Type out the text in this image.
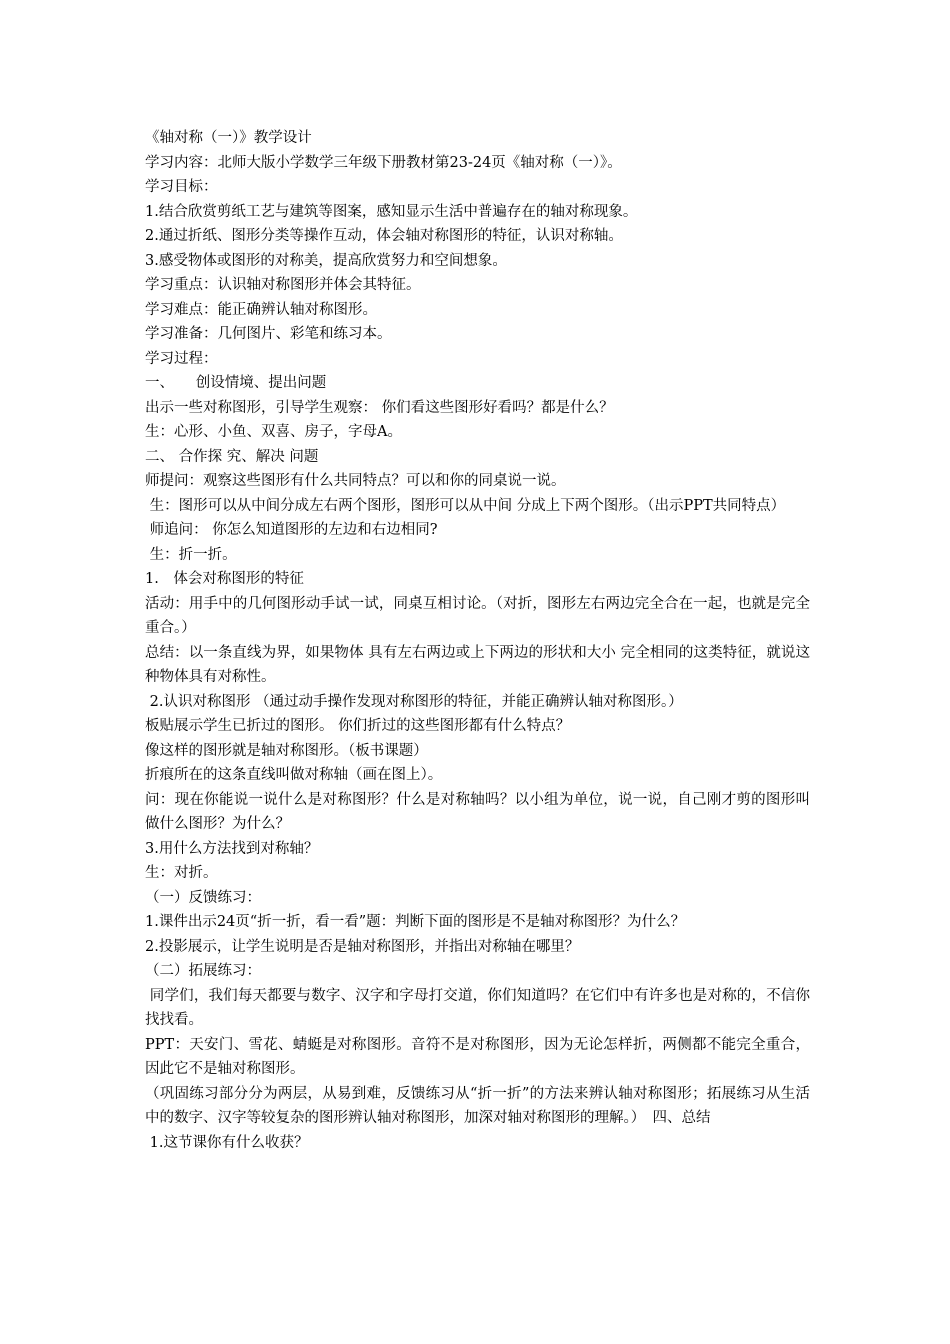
《轴对称（一）》教学设计
学习内容：北师大版小学数学三年级下册教材第23-24页《轴对称（一）》。
学习目标：
1.结合欣赏剪纸工艺与建筑等图案，感知显示生活中普遍存在的轴对称现象。
2.通过折纸、图形分类等操作互动，体会轴对称图形的特征，认识对称轴。
3.感受物体或图形的对称美，提高欣赏努力和空间想象。
学习重点：认识轴对称图形并体会其特征。
学习难点：能正确辨认轴对称图形。
学习准备：几何图片、彩笔和练习本。
学习过程：
一、　　创设情境、提出问题
出示一些对称图形，引导学生观察： 你们看这些图形好看吗？都是什么？
生：心形、小鱼、双喜、房子，字母A。
二、 合作探 究、解决 问题
师提问：观察这些图形有什么共同特点？可以和你的同桌说一说。
生：图形可以从中间分成左右两个图形，图形可以从中间 分成上下两个图形。（出示PPT共同特点）
师追问： 你怎么知道图形的左边和右边相同?
生：折一折。
1.　体会对称图形的特征
活动：用手中的几何图形动手试一试，同桌互相讨论。（对折，图形左右两边完全合在一起，也就是完全重合。）
总结：以一条直线为界，如果物体 具有左右两边或上下两边的形状和大小 完全相同的这类特征，就说这种物体具有对称性。
2.认识对称图形 （通过动手操作发现对称图形的特征，并能正确辨认轴对称图形。）
板贴展示学生已折过的图形。 你们折过的这些图形都有什么特点？
像这样的图形就是轴对称图形。（板书课题）
折痕所在的这条直线叫做对称轴（画在图上）。
问：现在你能说一说什么是对称图形？什么是对称轴吗？以小组为单位，说一说，自己刚才剪的图形叫做什么图形？为什么？
3.用什么方法找到对称轴？
生：对折。
（一）反馈练习：
1.课件出示24页“折一折，看一看”题：判断下面的图形是不是轴对称图形？为什么？
2.投影展示，让学生说明是否是轴对称图形，并指出对称轴在哪里？
（二）拓展练习：
同学们，我们每天都要与数字、汉字和字母打交道，你们知道吗？在它们中有许多也是对称的，不信你找找看。
PPT：天安门、雪花、蜻蜓是对称图形。音符不是对称图形，因为无论怎样折，两侧都不能完全重合，因此它不是轴对称图形。
（巩固练习部分分为两层，从易到难，反馈练习从“折一折”的方法来辨认轴对称图形；拓展练习从生活中的数字、汉字等较复杂的图形辨认轴对称图形，加深对轴对称图形的理解。）　四、总结
1.这节课你有什么收获？
